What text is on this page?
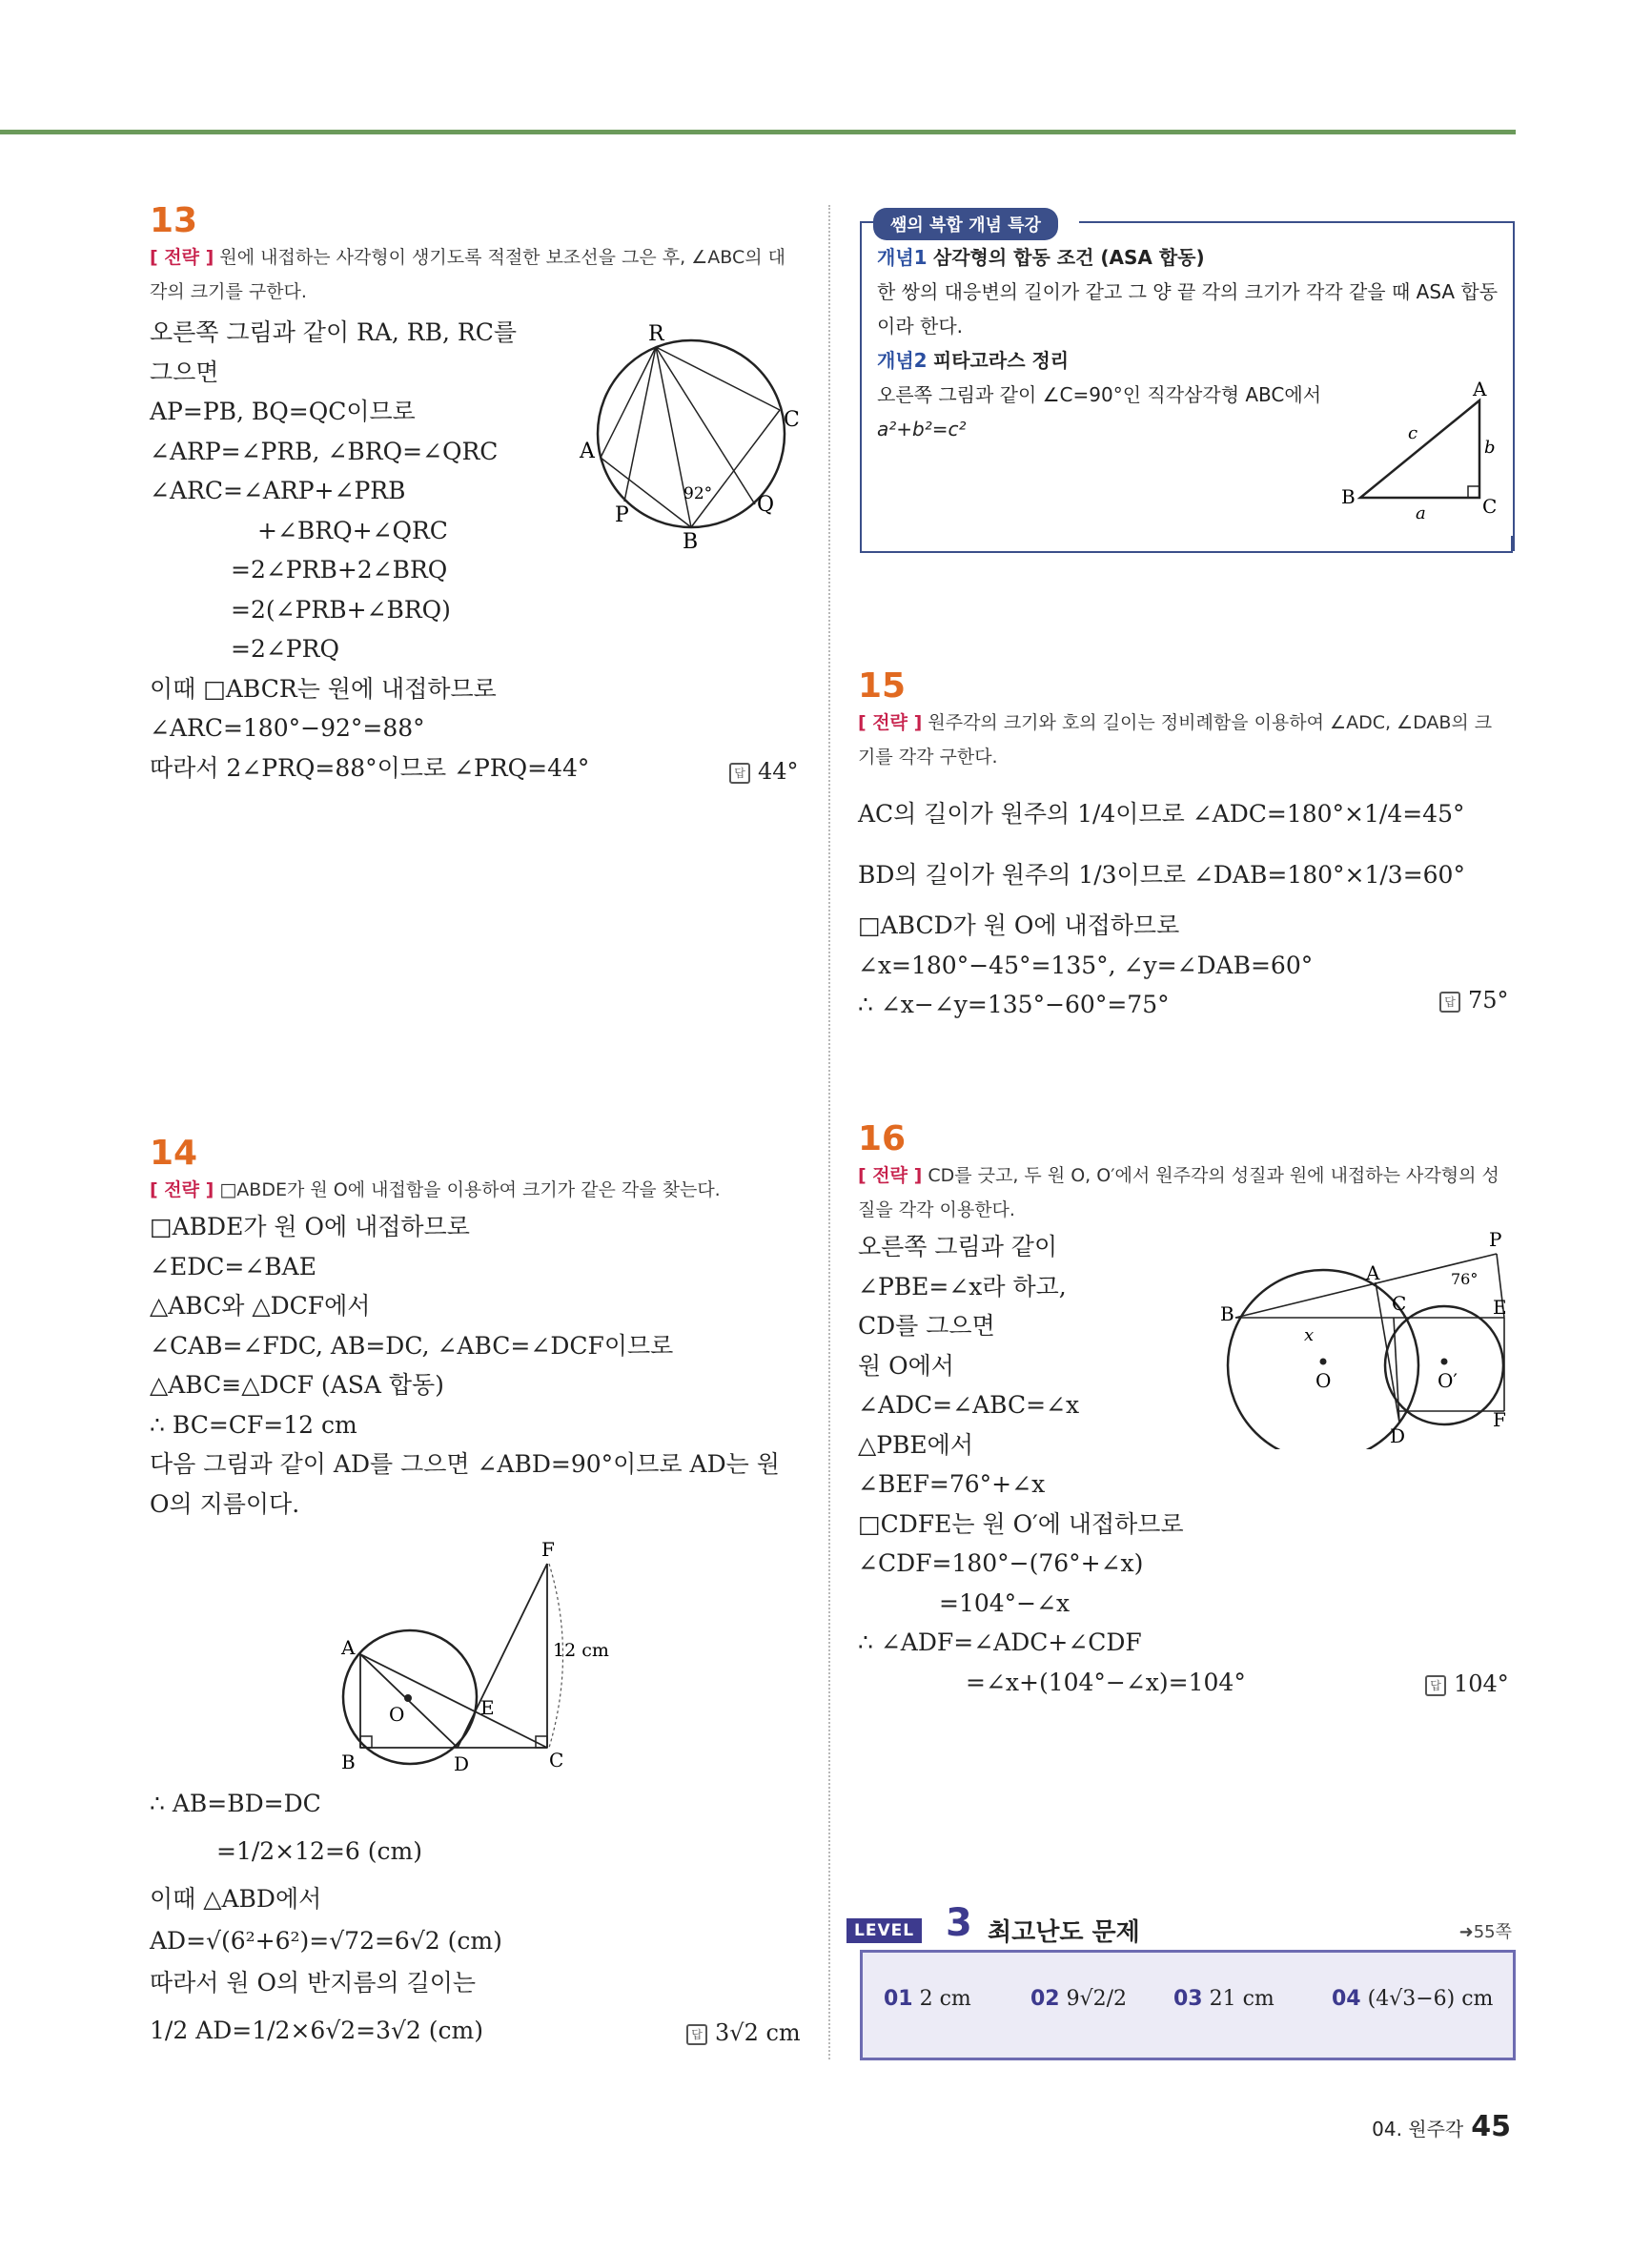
13
[ 전략 ] 원에 내접하는 사각형이 생기도록 적절한 보조선을 그은 후, ∠ABC의 대
각의 크기를 구한다.
오른쪽 그림과 같이 RA, RB, RC를
그으면
AP=PB, BQ=QC이므로
∠ARP=∠PRB, ∠BRQ=∠QRC
∠ARC=∠ARP+∠PRB
+∠BRQ+∠QRC
=2∠PRB+2∠BRQ
=2(∠PRB+∠BRQ)
=2∠PRQ
이때 □ABCR는 원에 내접하므로
∠ARC=180°−92°=88°
따라서 2∠PRQ=88°이므로 ∠PRQ=44°	답 44°
R
A
C
P
B
Q
92°
쌤의 복합 개념 특강
개념1 삼각형의 합동 조건 (ASA 합동)
한 쌍의 대응변의 길이가 같고 그 양 끝 각의 크기가 각각 같을 때 ASA 합동
이라 한다.
개념2 피타고라스 정리
오른쪽 그림과 같이 ∠C=90°인 직각삼각형 ABC에서
a²+b²=c²
A
B	C
a
b
c
15
[ 전략 ] 원주각의 크기와 호의 길이는 정비례함을 이용하여 ∠ADC, ∠DAB의 크
기를 각각 구한다.
AC의 길이가 원주의 1/4이므로 ∠ADC=180°×1/4=45°
BD의 길이가 원주의 1/3이므로 ∠DAB=180°×1/3=60°
□ABCD가 원 O에 내접하므로
∠x=180°−45°=135°, ∠y=∠DAB=60°
∴ ∠x−∠y=135°−60°=75°	답 75°
14
[ 전략 ] □ABDE가 원 O에 내접함을 이용하여 크기가 같은 각을 찾는다.
□ABDE가 원 O에 내접하므로
∠EDC=∠BAE
△ABC와 △DCF에서
∠CAB=∠FDC, AB=DC, ∠ABC=∠DCF이므로
△ABC≡△DCF (ASA 합동)
∴ BC=CF=12 cm
다음 그림과 같이 AD를 그으면 ∠ABD=90°이므로 AD는 원
O의 지름이다.
F
A
O	E
B	D	C
12 cm
∴ AB=BD=DC
=1/2×12=6 (cm)
이때 △ABD에서
AD=√(6²+6²)=√72=6√2 (cm)
따라서 원 O의 반지름의 길이는
1/2 AD=1/2×6√2=3√2 (cm)	답 3√2 cm
16
[ 전략 ] CD를 긋고, 두 원 O, O′에서 원주각의 성질과 원에 내접하는 사각형의 성
질을 각각 이용한다.
오른쪽 그림과 같이
∠PBE=∠x라 하고,
CD를 그으면
원 O에서
∠ADC=∠ABC=∠x
△PBE에서
∠BEF=76°+∠x
□CDFE는 원 O′에 내접하므로
∠CDF=180°−(76°+∠x)
=104°−∠x
∴ ∠ADF=∠ADC+∠CDF
=∠x+(104°−∠x)=104°	답 104°
P
A
C	E
B
x
O	O′
D
F
76°
LEVEL 3 최고난도 문제	➜55쪽
01 2 cm	02 9√2/2 03 21 cm	04 (4√3−6) cm
04. 원주각 45
